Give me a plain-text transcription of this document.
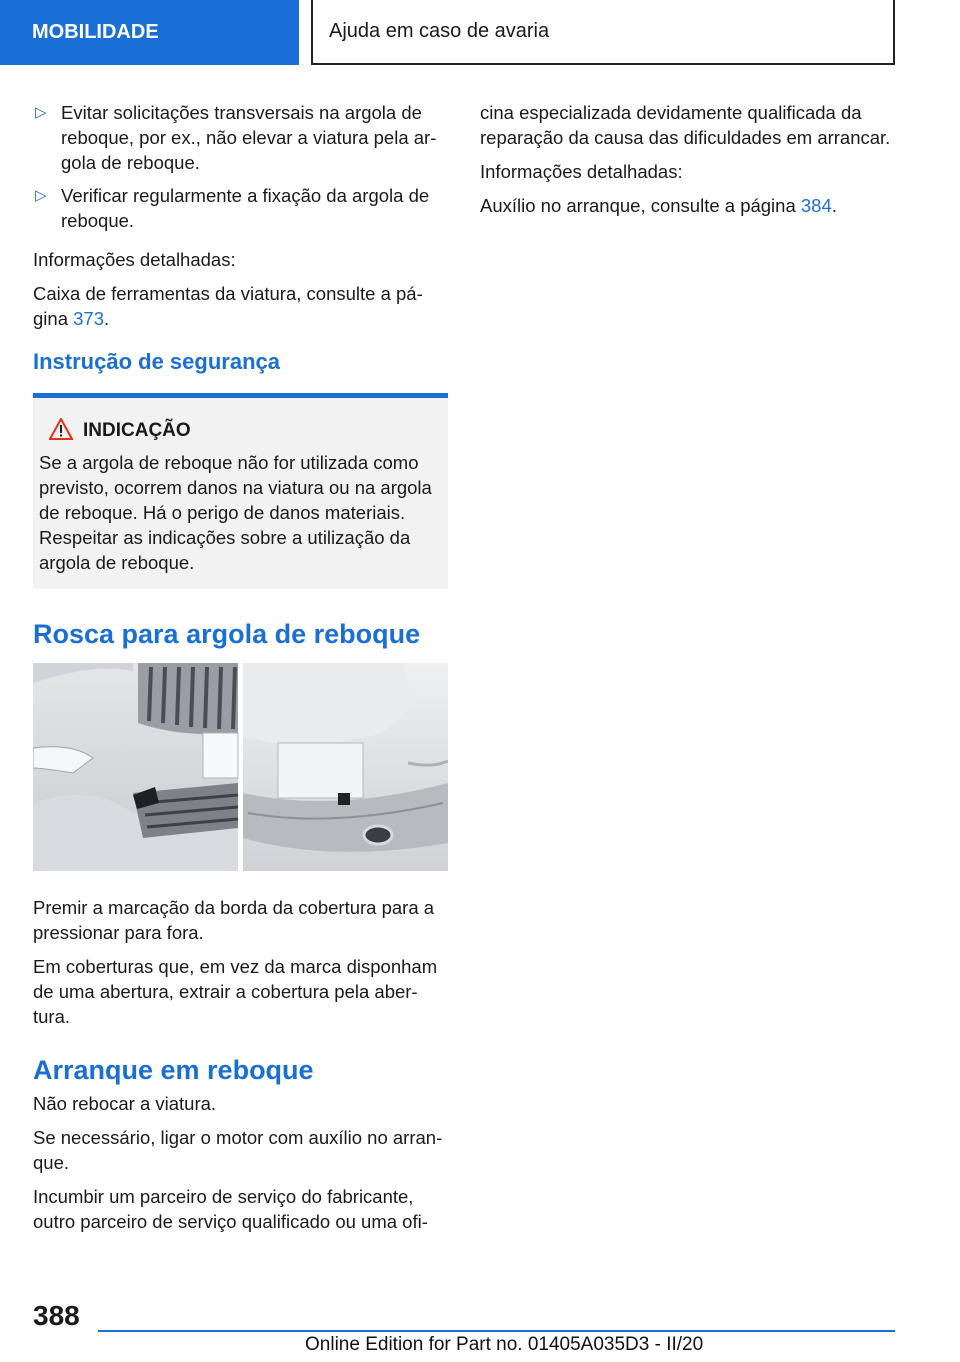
MOBILIDADE	Ajuda em caso de avaria
▷ Evitar solicitações transversais na argola de reboque, por ex., não elevar a viatura pela ar-gola de reboque.
▷ Verificar regularmente a fixação da argola de reboque.

Informações detalhadas:

Caixa de ferramentas da viatura, consulte a pá-gina 373.

Instrução de segurança
INDICAÇÃO

Se a argola de reboque não for utilizada como previsto, ocorrem danos na viatura ou na argola de reboque. Há o perigo de danos materiais. Respeitar as indicações sobre a utilização da argola de reboque.

Rosca para argola de reboque

Premir a marcação da borda da cobertura para a pressionar para fora.

Em coberturas que, em vez da marca disponham de uma abertura, extrair a cobertura pela aber-tura.

Arranque em reboque

Não rebocar a viatura.

Se necessário, ligar o motor com auxílio no arran-que.

Incumbir um parceiro de serviço do fabricante, outro parceiro de serviço qualificado ou uma ofi-

cina especializada devidamente qualificada da reparação da causa das dificuldades em arrancar.

Informações detalhadas:

Auxílio no arranque, consulte a página 384.

388
Online Edition for Part no. 01405A035D3 - II/20
